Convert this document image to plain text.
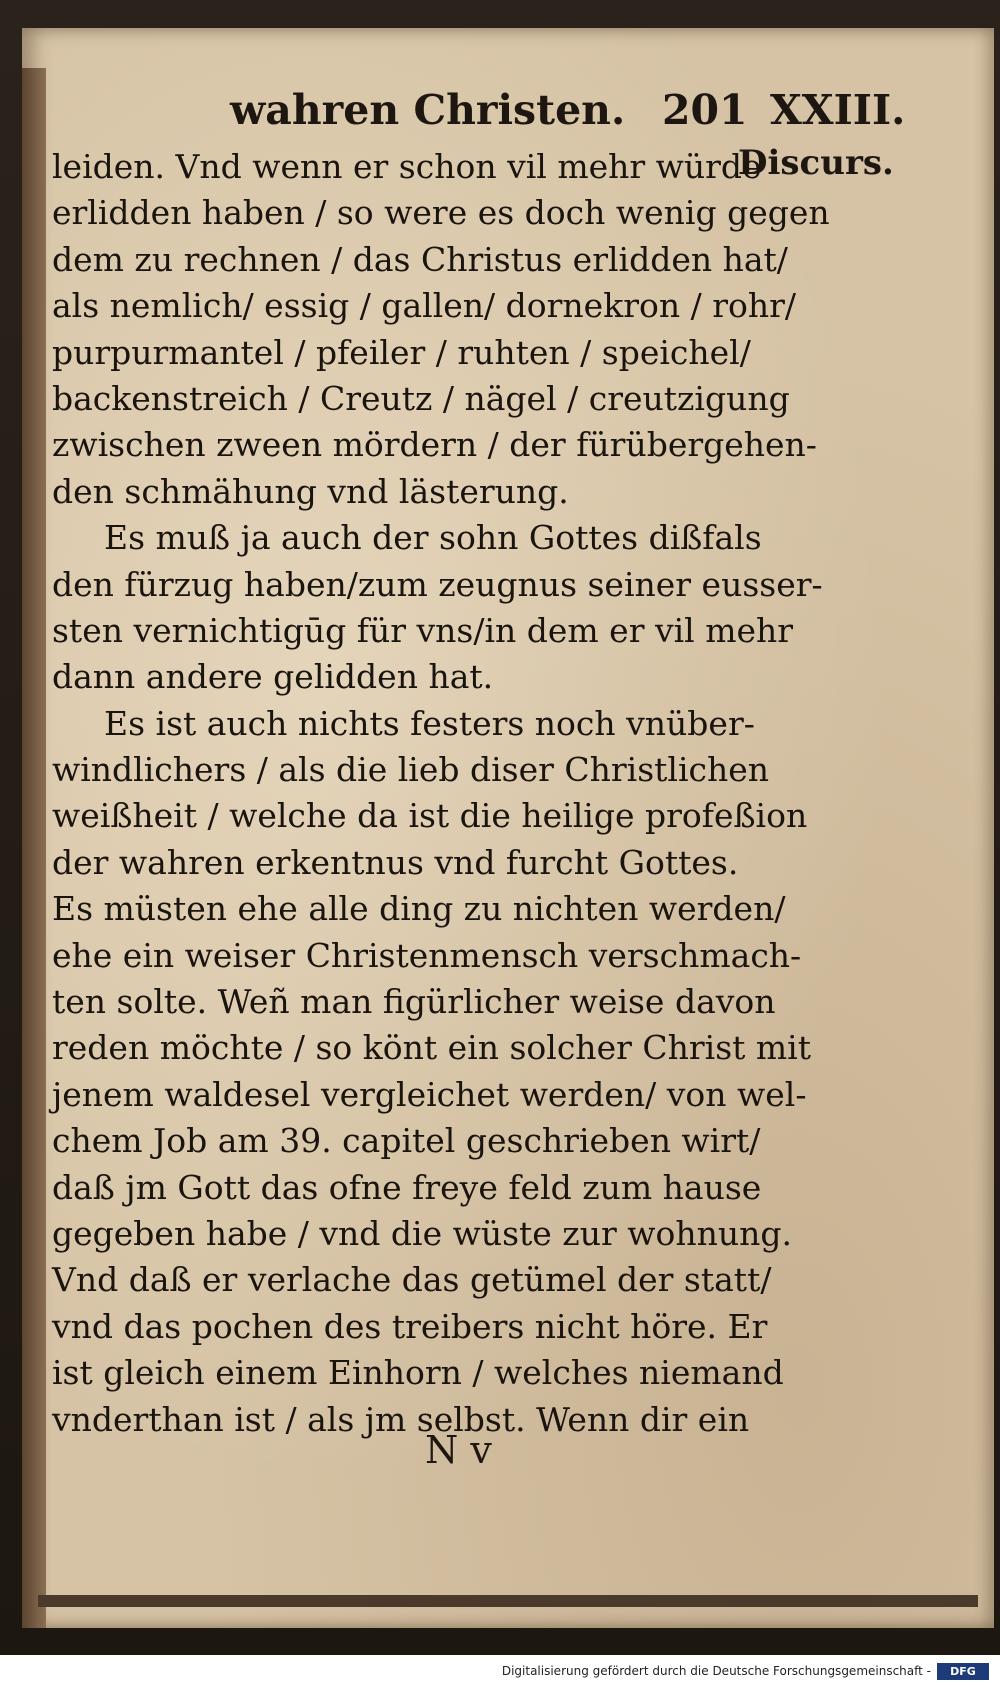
wahren Christen. 201 XXIII.
Discurs.
leiden. Vnd wenn er schon vil mehr würde
erlidden haben / so were es doch wenig gegen
dem zu rechnen / das Christus erlidden hat/
als nemlich/ essig / gallen/ dornekron / rohr/
purpurmantel / pfeiler / ruhten / speichel/
backenstreich / Creutz / nägel / creutzigung
zwischen zween mördern / der fürübergehen-
den schmähung vnd lästerung.
Es muß ja auch der sohn Gottes dißfals
den fürzug haben/zum zeugnus seiner eusser-
sten vernichtigūg für vns/in dem er vil mehr
dann andere gelidden hat.
Es ist auch nichts festers noch vnüber-
windlichers / als die lieb diser Christlichen
weißheit / welche da ist die heilige profeßion
der wahren erkentnus vnd furcht Gottes.
Es müsten ehe alle ding zu nichten werden/
ehe ein weiser Christenmensch verschmach-
ten solte. Weñ man figürlicher weise davon
reden möchte / so könt ein solcher Christ mit
jenem waldesel vergleichet werden/ von wel-
chem Job am 39. capitel geschrieben wirt/
daß jm Gott das ofne freye feld zum hause
gegeben habe / vnd die wüste zur wohnung.
Vnd daß er verlache das getümel der statt/
vnd das pochen des treibers nicht höre. Er
ist gleich einem Einhorn / welches niemand
vnderthan ist / als jm selbst. Wenn dir ein
N v
Digitalisierung gefördert durch die Deutsche Forschungsgemeinschaft -	DFG
